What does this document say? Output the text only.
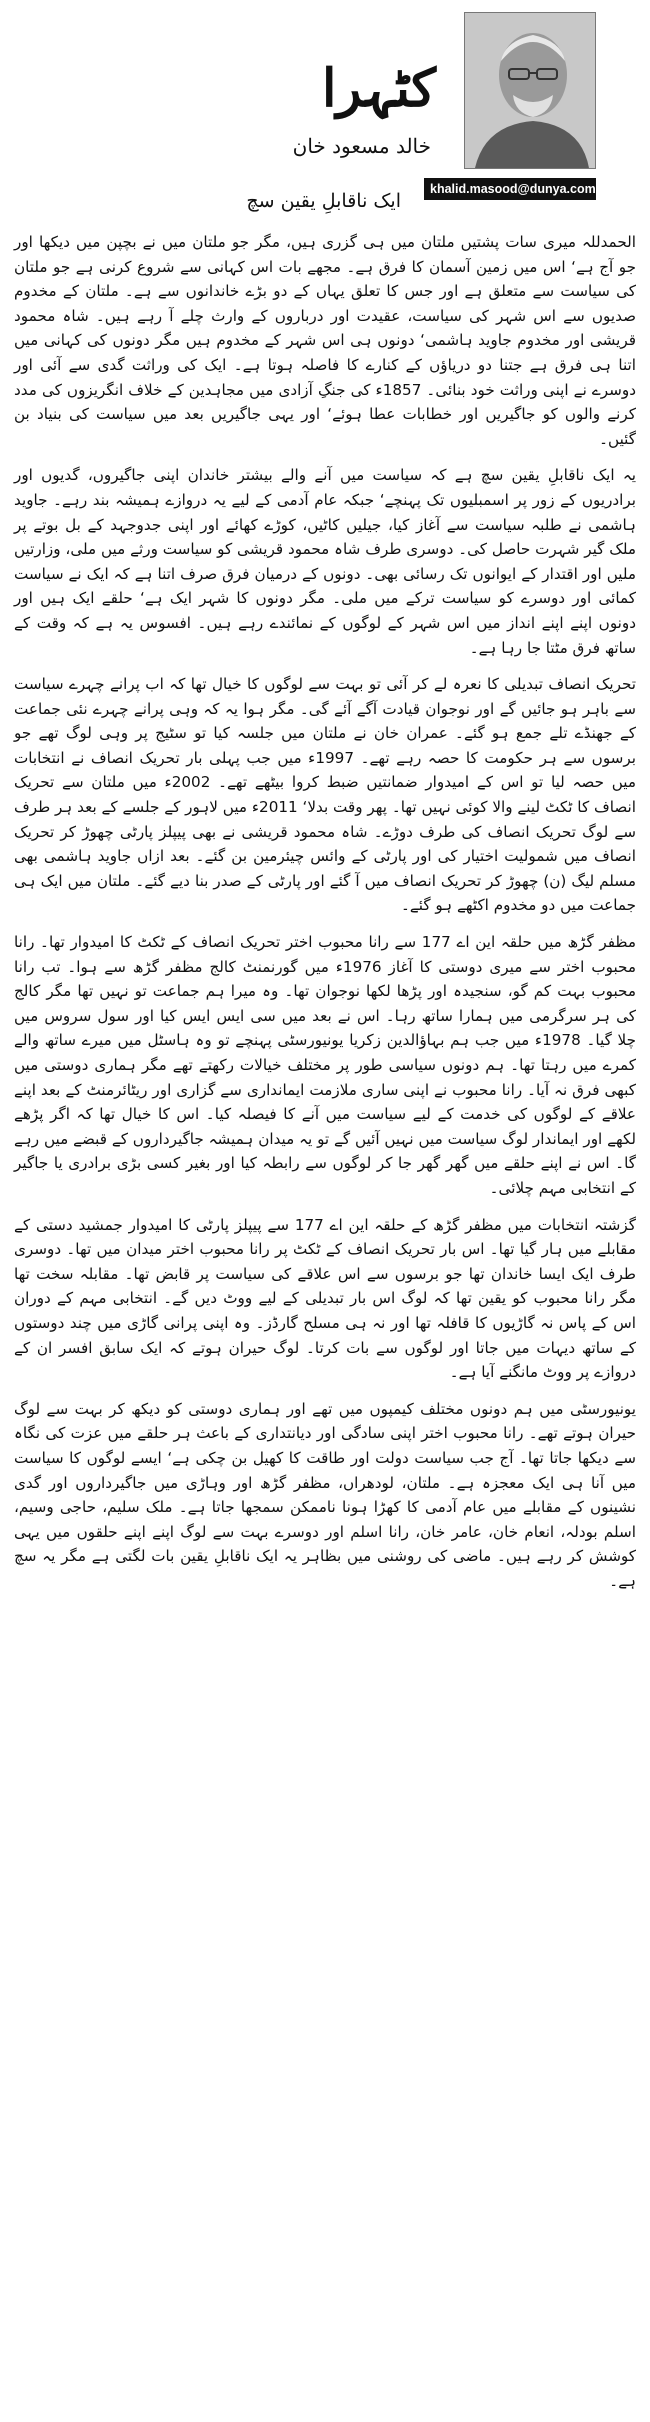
کٹہرا
خالد مسعود خان
ایک ناقابلِ یقین سچ
khalid.masood@dunya.com.pk

الحمدللہ میری سات پشتیں ملتان میں ہی گزری ہیں، مگر جو ملتان میں نے بچپن میں دیکھا اور جو آج ہے‘ اس میں زمین آسمان کا فرق ہے۔ مجھے بات اس کہانی سے شروع کرنی ہے جو ملتان کی سیاست سے متعلق ہے اور جس کا تعلق یہاں کے دو بڑے خاندانوں سے ہے۔ ملتان کے مخدوم صدیوں سے اس شہر کی سیاست، عقیدت اور درباروں کے وارث چلے آ رہے ہیں۔ شاہ محمود قریشی اور مخدوم جاوید ہاشمی‘ دونوں ہی اس شہر کے مخدوم ہیں مگر دونوں کی کہانی میں اتنا ہی فرق ہے جتنا دو دریاؤں کے کنارے کا فاصلہ ہوتا ہے۔ ایک کی وراثت گدی سے آئی اور دوسرے نے اپنی وراثت خود بنائی۔ 1857ء کی جنگِ آزادی میں مجاہدین کے خلاف انگریزوں کی مدد کرنے والوں کو جاگیریں اور خطابات عطا ہوئے‘ اور یہی جاگیریں بعد میں سیاست کی بنیاد بن گئیں۔

یہ ایک ناقابلِ یقین سچ ہے کہ سیاست میں آنے والے بیشتر خاندان اپنی جاگیروں، گدیوں اور برادریوں کے زور پر اسمبلیوں تک پہنچے‘ جبکہ عام آدمی کے لیے یہ دروازے ہمیشہ بند رہے۔ جاوید ہاشمی نے طلبہ سیاست سے آغاز کیا، جیلیں کاٹیں، کوڑے کھائے اور اپنی جدوجہد کے بل بوتے پر ملک گیر شہرت حاصل کی۔ دوسری طرف شاہ محمود قریشی کو سیاست ورثے میں ملی، وزارتیں ملیں اور اقتدار کے ایوانوں تک رسائی بھی۔ دونوں کے درمیان فرق صرف اتنا ہے کہ ایک نے سیاست کمائی اور دوسرے کو سیاست ترکے میں ملی۔ مگر دونوں کا شہر ایک ہے‘ حلقے ایک ہیں اور دونوں اپنے اپنے انداز میں اس شہر کے لوگوں کے نمائندے رہے ہیں۔ افسوس یہ ہے کہ وقت کے ساتھ فرق مٹتا جا رہا ہے۔

تحریک انصاف تبدیلی کا نعرہ لے کر آئی تو بہت سے لوگوں کا خیال تھا کہ اب پرانے چہرے سیاست سے باہر ہو جائیں گے اور نوجوان قیادت آگے آئے گی۔ مگر ہوا یہ کہ وہی پرانے چہرے نئی جماعت کے جھنڈے تلے جمع ہو گئے۔ عمران خان نے ملتان میں جلسہ کیا تو سٹیج پر وہی لوگ تھے جو برسوں سے ہر حکومت کا حصہ رہے تھے۔ 1997ء میں جب پہلی بار تحریک انصاف نے انتخابات میں حصہ لیا تو اس کے امیدوار ضمانتیں ضبط کروا بیٹھے تھے۔ 2002ء میں ملتان سے تحریک انصاف کا ٹکٹ لینے والا کوئی نہیں تھا۔ پھر وقت بدلا‘ 2011ء میں لاہور کے جلسے کے بعد ہر طرف سے لوگ تحریک انصاف کی طرف دوڑے۔ شاہ محمود قریشی نے بھی پیپلز پارٹی چھوڑ کر تحریک انصاف میں شمولیت اختیار کی اور پارٹی کے وائس چیئرمین بن گئے۔ بعد ازاں جاوید ہاشمی بھی مسلم لیگ (ن) چھوڑ کر تحریک انصاف میں آ گئے اور پارٹی کے صدر بنا دیے گئے۔ ملتان میں ایک ہی جماعت میں دو مخدوم اکٹھے ہو گئے۔

مظفر گڑھ میں حلقہ این اے 177 سے رانا محبوب اختر تحریک انصاف کے ٹکٹ کا امیدوار تھا۔ رانا محبوب اختر سے میری دوستی کا آغاز 1976ء میں گورنمنٹ کالج مظفر گڑھ سے ہوا۔ تب رانا محبوب بہت کم گو، سنجیدہ اور پڑھا لکھا نوجوان تھا۔ وہ میرا ہم جماعت تو نہیں تھا مگر کالج کی ہر سرگرمی میں ہمارا ساتھ رہا۔ اس نے بعد میں سی ایس ایس کیا اور سول سروس میں چلا گیا۔ 1978ء میں جب ہم بہاؤالدین زکریا یونیورسٹی پہنچے تو وہ ہاسٹل میں میرے ساتھ والے کمرے میں رہتا تھا۔ ہم دونوں سیاسی طور پر مختلف خیالات رکھتے تھے مگر ہماری دوستی میں کبھی فرق نہ آیا۔ رانا محبوب نے اپنی ساری ملازمت ایمانداری سے گزاری اور ریٹائرمنٹ کے بعد اپنے علاقے کے لوگوں کی خدمت کے لیے سیاست میں آنے کا فیصلہ کیا۔ اس کا خیال تھا کہ اگر پڑھے لکھے اور ایماندار لوگ سیاست میں نہیں آئیں گے تو یہ میدان ہمیشہ جاگیرداروں کے قبضے میں رہے گا۔ اس نے اپنے حلقے میں گھر گھر جا کر لوگوں سے رابطہ کیا اور بغیر کسی بڑی برادری یا جاگیر کے انتخابی مہم چلائی۔

گزشتہ انتخابات میں مظفر گڑھ کے حلقہ این اے 177 سے پیپلز پارٹی کا امیدوار جمشید دستی کے مقابلے میں ہار گیا تھا۔ اس بار تحریک انصاف کے ٹکٹ پر رانا محبوب اختر میدان میں تھا۔ دوسری طرف ایک ایسا خاندان تھا جو برسوں سے اس علاقے کی سیاست پر قابض تھا۔ مقابلہ سخت تھا مگر رانا محبوب کو یقین تھا کہ لوگ اس بار تبدیلی کے لیے ووٹ دیں گے۔ انتخابی مہم کے دوران اس کے پاس نہ گاڑیوں کا قافلہ تھا اور نہ ہی مسلح گارڈز۔ وہ اپنی پرانی گاڑی میں چند دوستوں کے ساتھ دیہات میں جاتا اور لوگوں سے بات کرتا۔ لوگ حیران ہوتے کہ ایک سابق افسر ان کے دروازے پر ووٹ مانگنے آیا ہے۔

یونیورسٹی میں ہم دونوں مختلف کیمپوں میں تھے اور ہماری دوستی کو دیکھ کر بہت سے لوگ حیران ہوتے تھے۔ رانا محبوب اختر اپنی سادگی اور دیانتداری کے باعث ہر حلقے میں عزت کی نگاہ سے دیکھا جاتا تھا۔ آج جب سیاست دولت اور طاقت کا کھیل بن چکی ہے‘ ایسے لوگوں کا سیاست میں آنا ہی ایک معجزہ ہے۔ ملتان، لودھراں، مظفر گڑھ اور وہاڑی میں جاگیرداروں اور گدی نشینوں کے مقابلے میں عام آدمی کا کھڑا ہونا ناممکن سمجھا جاتا ہے۔ ملک سلیم، حاجی وسیم، اسلم بودلہ، انعام خان، عامر خان، رانا اسلم اور دوسرے بہت سے لوگ اپنے اپنے حلقوں میں یہی کوشش کر رہے ہیں۔ ماضی کی روشنی میں بظاہر یہ ایک ناقابلِ یقین بات لگتی ہے مگر یہ سچ ہے۔
